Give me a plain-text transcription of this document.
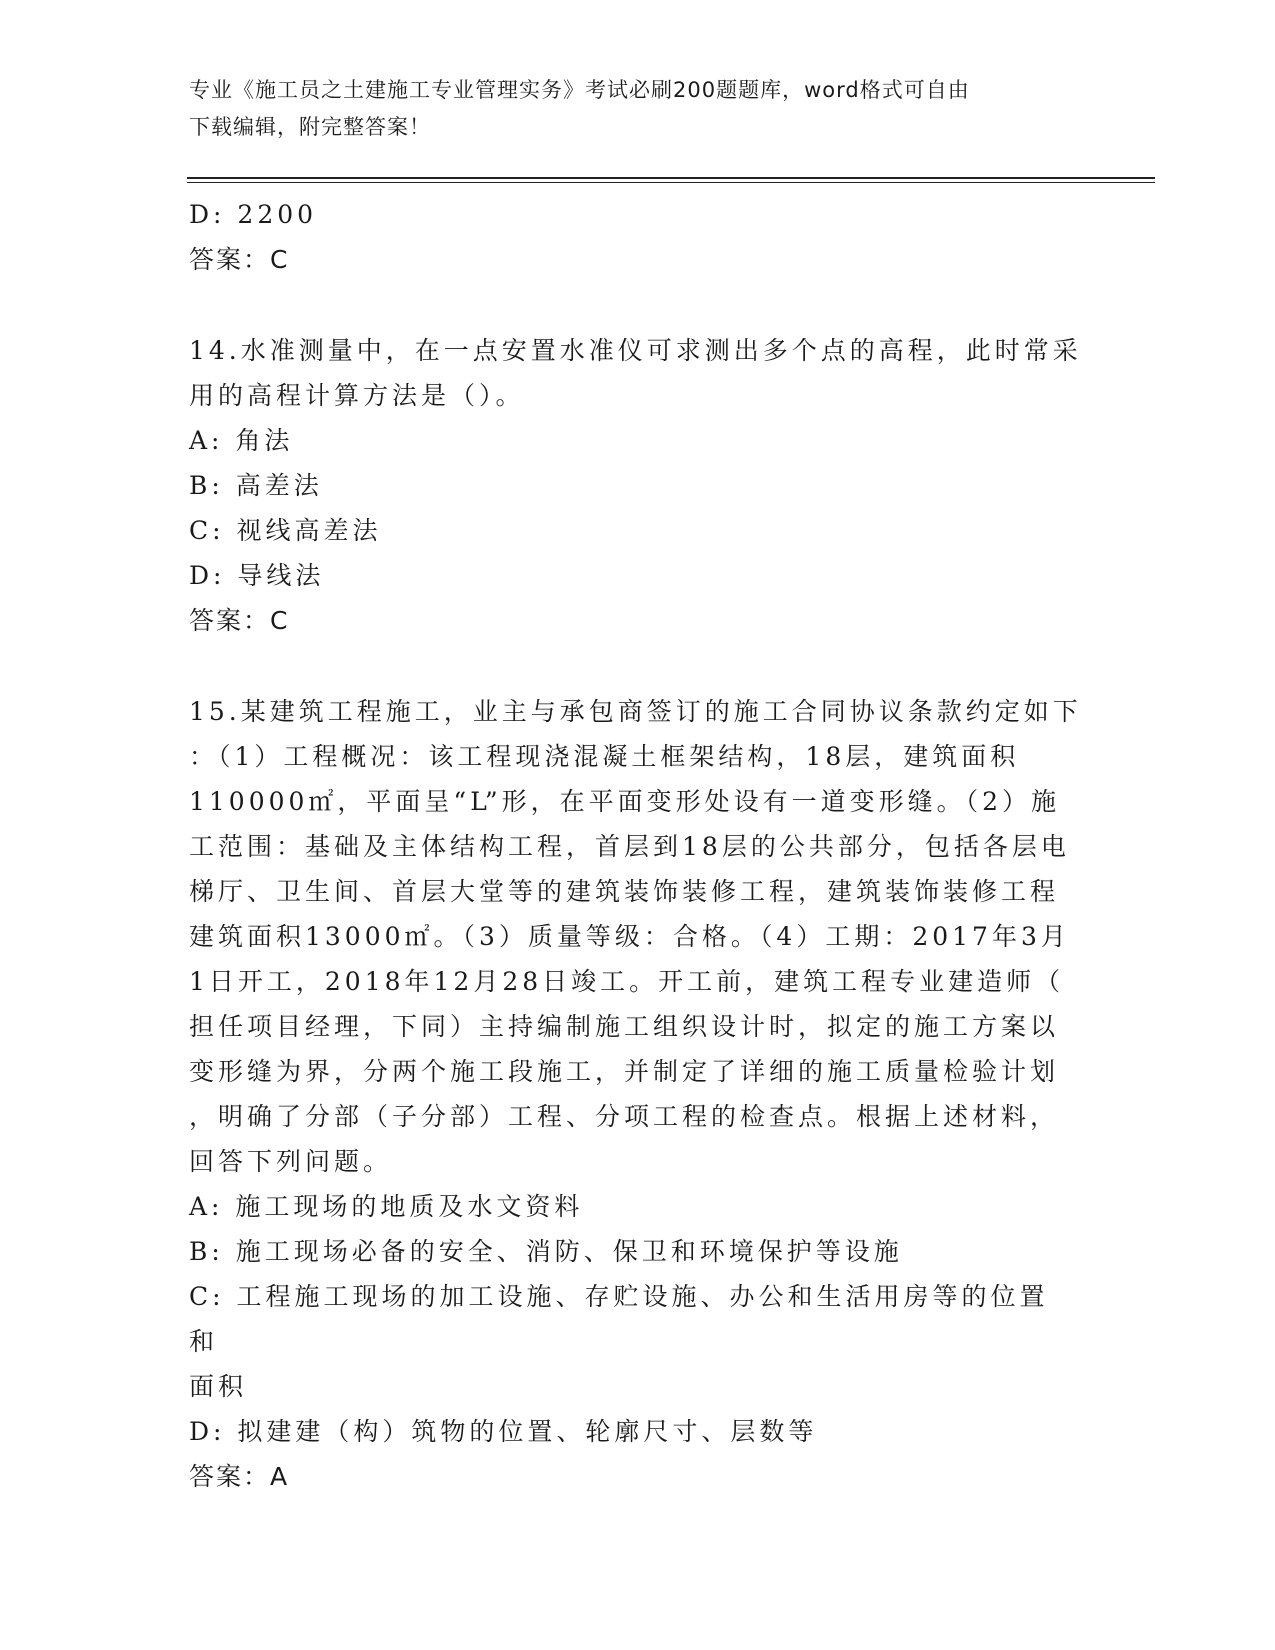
专业《施工员之土建施工专业管理实务》考试必刷200题题库，word格式可自由
下载编辑，附完整答案！
D: 2200
答案：C
14.水准测量中，在一点安置水准仪可求测出多个点的高程，此时常采
用的高程计算方法是（）。
A: 角法
B: 高差法
C: 视线高差法
D: 导线法
答案：C
15.某建筑工程施工，业主与承包商签订的施工合同协议条款约定如下
：（1）工程概况：该工程现浇混凝土框架结构，18层，建筑面积
110000㎡，平面呈“L”形，在平面变形处设有一道变形缝。（2）施
工范围：基础及主体结构工程，首层到18层的公共部分，包括各层电
梯厅、卫生间、首层大堂等的建筑装饰装修工程，建筑装饰装修工程
建筑面积13000㎡。（3）质量等级：合格。（4）工期：2017年3月
1日开工，2018年12月28日竣工。开工前，建筑工程专业建造师（
担任项目经理，下同）主持编制施工组织设计时，拟定的施工方案以
变形缝为界，分两个施工段施工，并制定了详细的施工质量检验计划
，明确了分部（子分部）工程、分项工程的检查点。根据上述材料，
回答下列问题。
A: 施工现场的地质及水文资料
B: 施工现场必备的安全、消防、保卫和环境保护等设施
C: 工程施工现场的加工设施、存贮设施、办公和生活用房等的位置和
面积
D: 拟建建（构）筑物的位置、轮廓尺寸、层数等
答案：A
